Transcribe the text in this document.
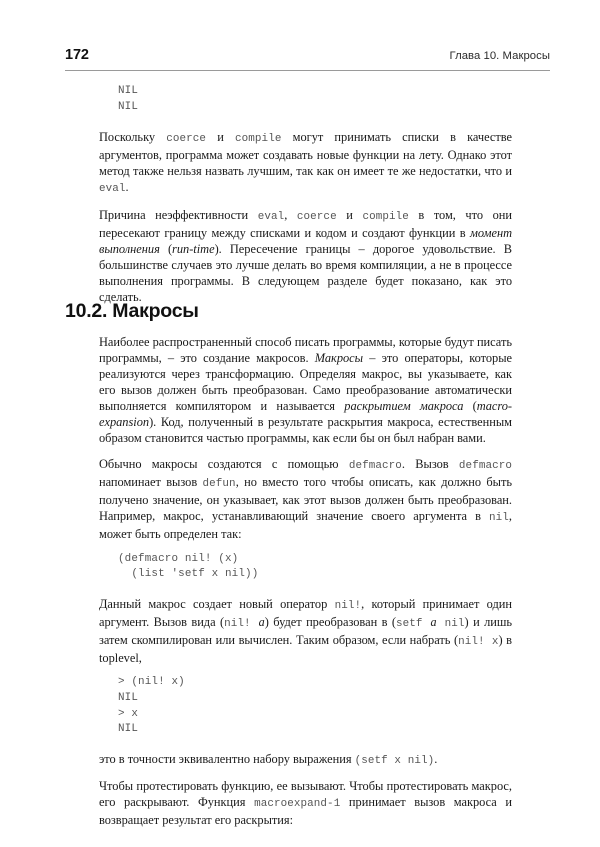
172	Глава 10. Макросы
NIL
NIL

Поскольку coerce и compile могут принимать списки в качестве аргументов, программа может создавать новые функции на лету. Однако этот метод также нельзя назвать лучшим, так как он имеет те же недостатки, что и eval.

Причина неэффективности eval, coerce и compile в том, что они пересекают границу между списками и кодом и создают функции в момент выполнения (run-time). Пересечение границы – дорогое удовольствие. В большинстве случаев это лучше делать во время компиляции, а не в процессе выполнения программы. В следующем разделе будет показано, как это сделать.

10.2. Макросы

Наиболее распространенный способ писать программы, которые будут писать программы, – это создание макросов. Макросы – это операторы, которые реализуются через трансформацию. Определяя макрос, вы указываете, как его вызов должен быть преобразован. Само преобразование автоматически выполняется компилятором и называется раскрытием макроса (macro-expansion). Код, полученный в результате раскрытия макроса, естественным образом становится частью программы, как если бы он был набран вами.

Обычно макросы создаются с помощью defmacro. Вызов defmacro напоминает вызов defun, но вместо того чтобы описать, как должно быть получено значение, он указывает, как этот вызов должен быть преобразован. Например, макрос, устанавливающий значение своего аргумента в nil, может быть определен так:

(defmacro nil! (x)
(list 'setf x nil))

Данный макрос создает новый оператор nil!, который принимает один аргумент. Вызов вида (nil! a) будет преобразован в (setf a nil) и лишь затем скомпилирован или вычислен. Таким образом, если набрать (nil! x) в toplevel,

> (nil! x)
NIL
> x
NIL

это в точности эквивалентно набору выражения (setf x nil).

Чтобы протестировать функцию, ее вызывают. Чтобы протестировать макрос, его раскрывают. Функция macroexpand-1 принимает вызов макроса и возвращает результат его раскрытия:
